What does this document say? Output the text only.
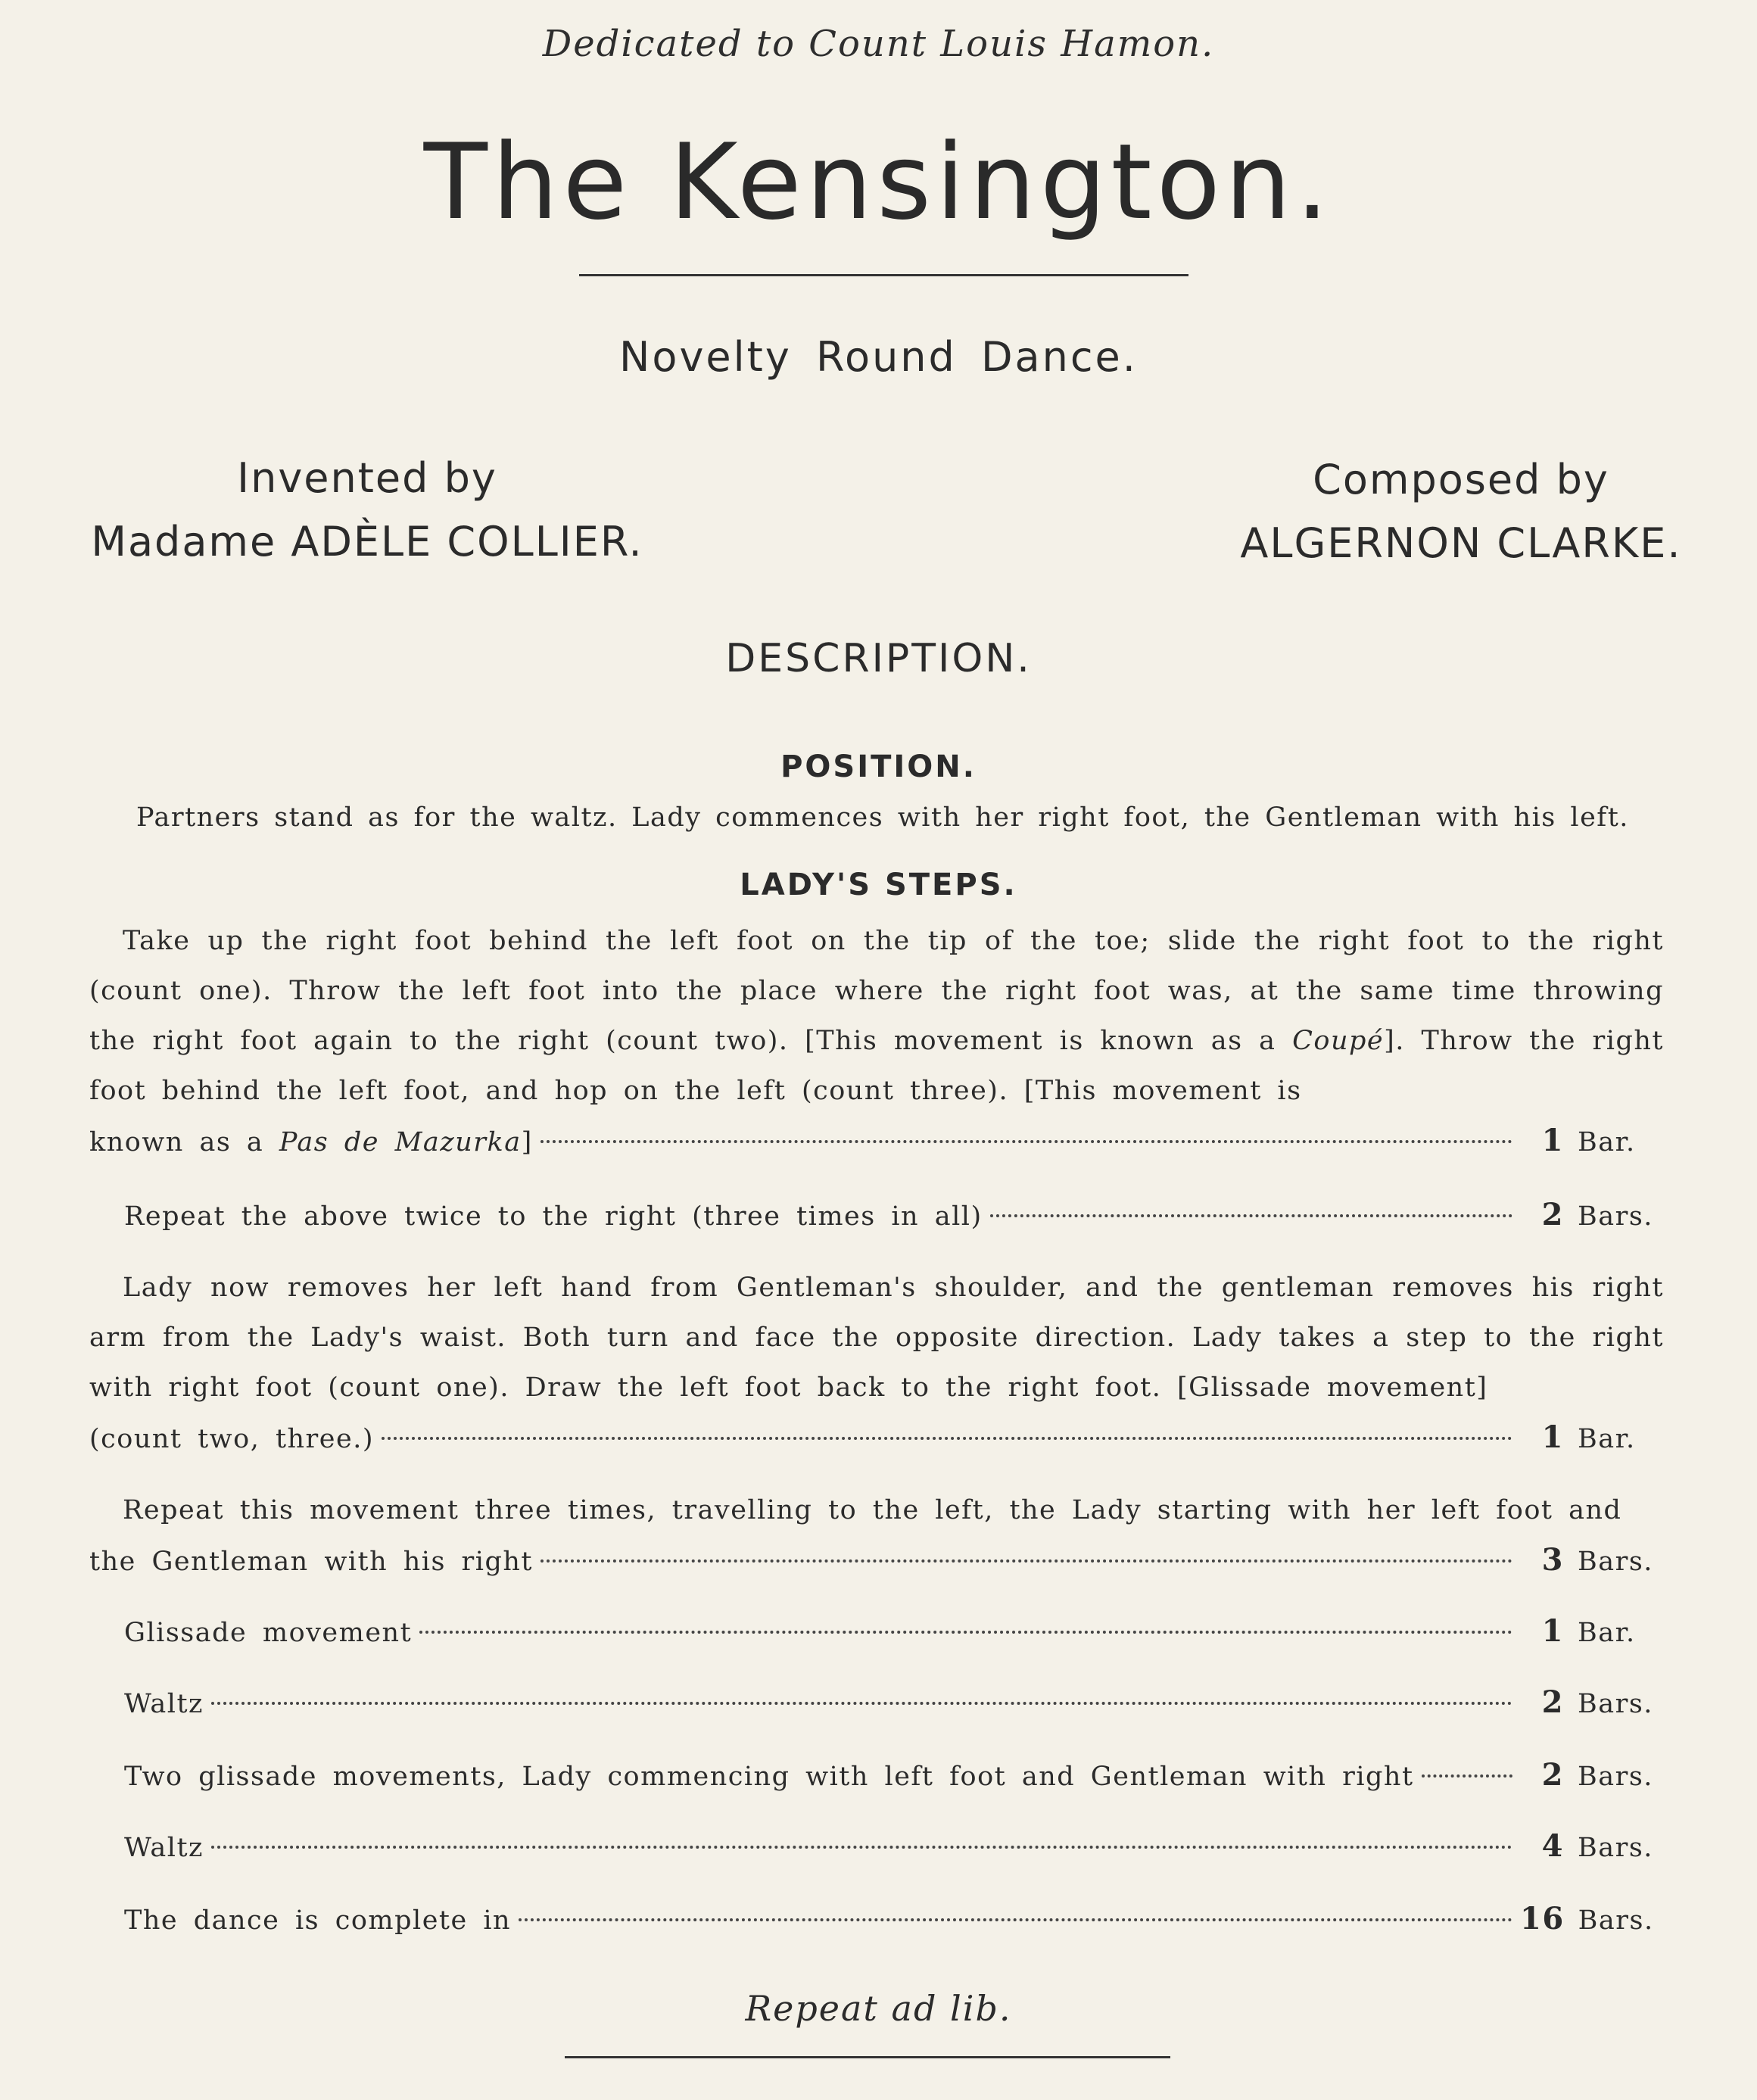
Dedicated to Count Louis Hamon.
The Kensington.
Novelty Round Dance.
Invented by
Madame ADÈLE COLLIER.
Composed by
ALGERNON CLARKE.
DESCRIPTION.
POSITION.
Partners stand as for the waltz. Lady commences with her right foot, the Gentleman with his left.
LADY'S STEPS.
Take up the right foot behind the left foot on the tip of the toe; slide the right foot to the right (count one). Throw the left foot into the place where the right foot was, at the same time throwing the right foot again to the right (count two). [This movement is known as a Coupé]. Throw the right foot behind the left foot, and hop on the left (count three). [This movement is
known as a Pas de Mazurka]	1 Bar.
Repeat the above twice to the right (three times in all)	2 Bars.
Lady now removes her left hand from Gentleman's shoulder, and the gentleman removes his right arm from the Lady's waist. Both turn and face the opposite direction. Lady takes a step to the right with right foot (count one). Draw the left foot back to the right foot. [Glissade movement]
(count two, three.)	1 Bar.
Repeat this movement three times, travelling to the left, the Lady starting with her left foot and
the Gentleman with his right	3 Bars.
Glissade movement	1 Bar.
Waltz	2 Bars.
Two glissade movements, Lady commencing with left foot and Gentleman with right	2 Bars.
Waltz	4 Bars.
The dance is complete in	16 Bars.
Repeat ad lib.
